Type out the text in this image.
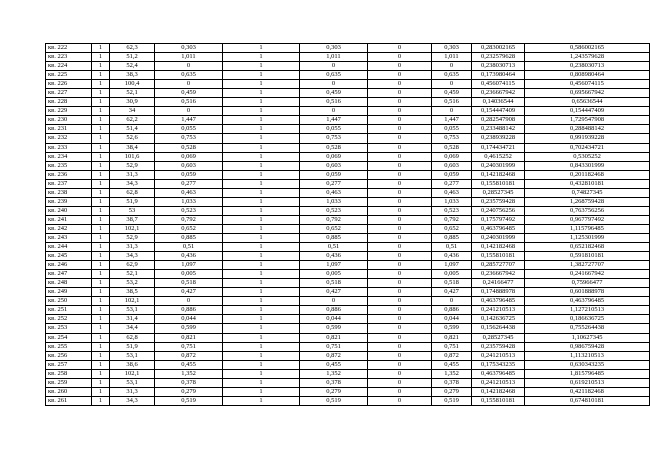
кв. 222	1	62,3	0,303	1	0,303	0	0,303	0,283002165	0,586002165
кв. 223	1	51,2	1,011	1	1,011	0	1,011	0,232579628	1,243579628
кв. 224	1	52,4	0	1	0	0	0	0,238030713	0,238030713
кв. 225	1	38,3	0,635	1	0,635	0	0,635	0,173980464	0,808980464
кв. 226	1	100,4	0	1	0	0	0	0,456074115	0,456074115
кв. 227	1	52,1	0,459	1	0,459	0	0,459	0,236667942	0,695667942
кв. 228	1	30,9	0,516	1	0,516	0	0,516	0,14036544	0,65636544
кв. 229	1	34	0	1	0	0	0	0,154447409	0,154447409
кв. 230	1	62,2	1,447	1	1,447	0	1,447	0,282547908	1,729547908
кв. 231	1	51,4	0,055	1	0,055	0	0,055	0,233488142	0,288488142
кв. 232	1	52,6	0,753	1	0,753	0	0,753	0,238939228	0,991939228
кв. 233	1	38,4	0,528	1	0,528	0	0,528	0,174434721	0,702434721
кв. 234	1	101,6	0,069	1	0,069	0	0,069	0,4615252	0,5305252
кв. 235	1	52,9	0,603	1	0,603	0	0,603	0,240301999	0,843301999
кв. 236	1	31,3	0,059	1	0,059	0	0,059	0,142182468	0,201182468
кв. 237	1	34,3	0,277	1	0,277	0	0,277	0,155810181	0,432810181
кв. 238	1	62,8	0,463	1	0,463	0	0,463	0,28527345	0,74827345
кв. 239	1	51,9	1,033	1	1,033	0	1,033	0,235759428	1,268759428
кв. 240	1	53	0,523	1	0,523	0	0,523	0,240756256	0,763756256
кв. 241	1	38,7	0,792	1	0,792	0	0,792	0,175797492	0,967797492
кв. 242	1	102,1	0,652	1	0,652	0	0,652	0,463796485	1,115796485
кв. 243	1	52,9	0,885	1	0,885	0	0,885	0,240301999	1,125301999
кв. 244	1	31,3	0,51	1	0,51	0	0,51	0,142182468	0,652182468
кв. 245	1	34,3	0,436	1	0,436	0	0,436	0,155810181	0,591810181
кв. 246	1	62,9	1,097	1	1,097	0	1,097	0,285727707	1,382727707
кв. 247	1	52,1	0,005	1	0,005	0	0,005	0,236667942	0,241667942
кв. 248	1	53,2	0,518	1	0,518	0	0,518	0,24166477	0,75966477
кв. 249	1	38,5	0,427	1	0,427	0	0,427	0,174888978	0,601888978
кв. 250	1	102,1	0	1	0	0	0	0,463796485	0,463796485
кв. 251	1	53,1	0,886	1	0,886	0	0,886	0,241210513	1,127210513
кв. 252	1	31,4	0,044	1	0,044	0	0,044	0,142636725	0,186636725
кв. 253	1	34,4	0,599	1	0,599	0	0,599	0,156264438	0,755264438
кв. 254	1	62,8	0,821	1	0,821	0	0,821	0,28527345	1,10627345
кв. 255	1	51,9	0,751	1	0,751	0	0,751	0,235759428	0,986759428
кв. 256	1	53,1	0,872	1	0,872	0	0,872	0,241210513	1,113210513
кв. 257	1	38,6	0,455	1	0,455	0	0,455	0,175343235	0,630343235
кв. 258	1	102,1	1,352	1	1,352	0	1,352	0,463796485	1,815796485
кв. 259	1	53,1	0,378	1	0,378	0	0,378	0,241210513	0,619210513
кв. 260	1	31,3	0,279	1	0,279	0	0,279	0,142182468	0,421182468
кв. 261	1	34,3	0,519	1	0,519	0	0,519	0,155810181	0,674810181
